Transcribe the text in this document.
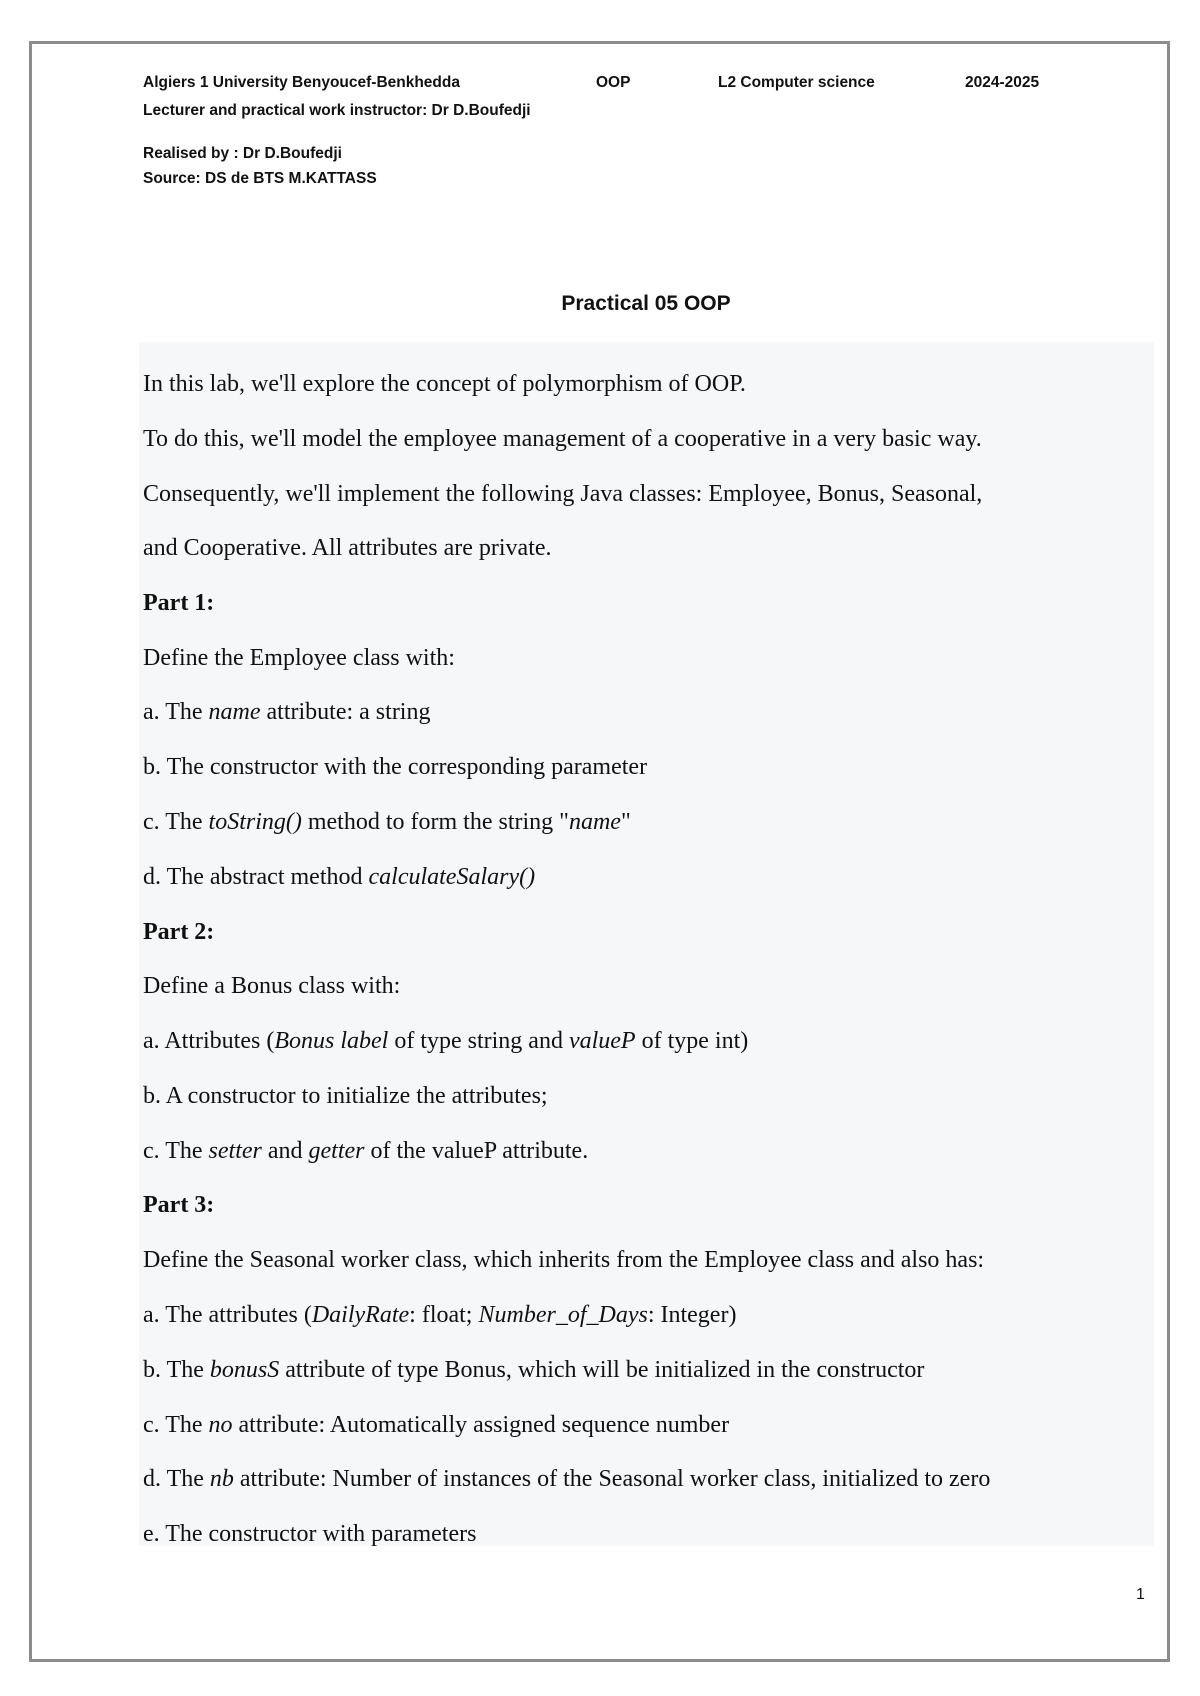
Algiers 1 University Benyoucef-Benkhedda	OOP	L2 Computer science	2024-2025
Lecturer and practical work instructor: Dr D.Boufedji
Realised by : Dr D.Boufedji
Source: DS de BTS M.KATTASS
Practical 05 OOP
In this lab, we'll explore the concept of polymorphism of OOP.
To do this, we'll model the employee management of a cooperative in a very basic way.
Consequently, we'll implement the following Java classes: Employee, Bonus, Seasonal,
and Cooperative. All attributes are private.
Part 1:
Define the Employee class with:
a. The name attribute: a string
b. The constructor with the corresponding parameter
c. The toString() method to form the string "name"
d. The abstract method calculateSalary()
Part 2:
Define a Bonus class with:
a. Attributes (Bonus label of type string and valueP of type int)
b. A constructor to initialize the attributes;
c. The setter and getter of the valueP attribute.
Part 3:
Define the Seasonal worker class, which inherits from the Employee class and also has:
a. The attributes (DailyRate: float; Number_of_Days: Integer)
b. The bonusS attribute of type Bonus, which will be initialized in the constructor
c. The no attribute: Automatically assigned sequence number
d. The nb attribute: Number of instances of the Seasonal worker class, initialized to zero
e. The constructor with parameters
1
